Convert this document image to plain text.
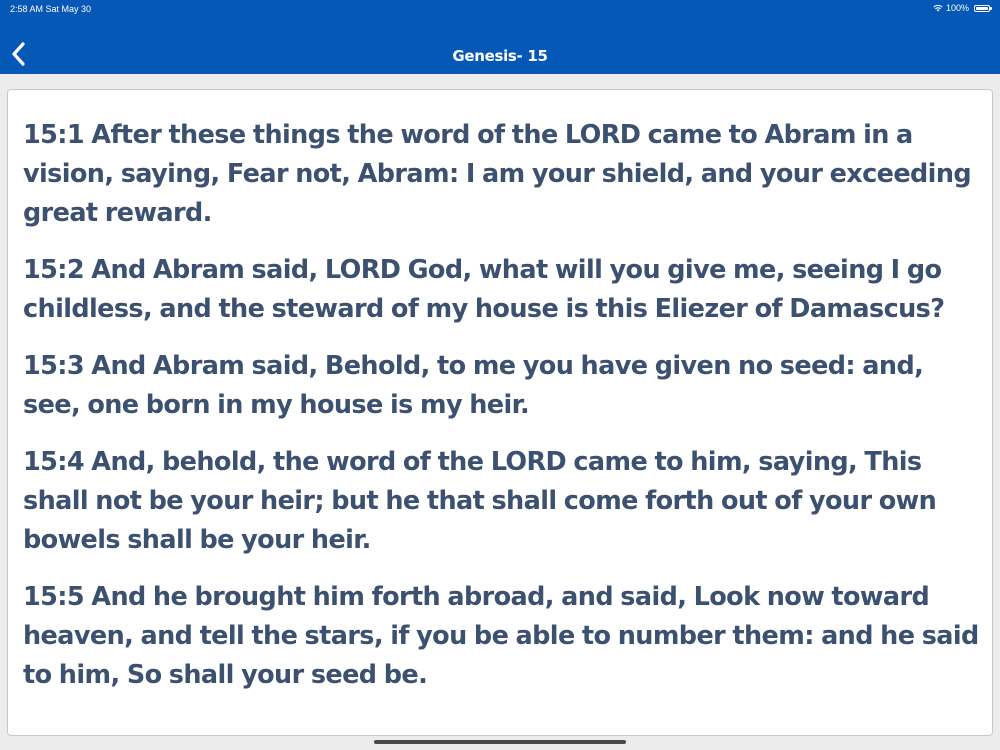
2:58 AM Sat May 30	100%
Genesis- 15

15:1 After these things the word of the LORD came to Abram in a vision, saying, Fear not, Abram: I am your shield, and your exceeding great reward.

15:2 And Abram said, LORD God, what will you give me, seeing I go childless, and the steward of my house is this Eliezer of Damascus?

15:3 And Abram said, Behold, to me you have given no seed: and, see, one born in my house is my heir.

15:4 And, behold, the word of the LORD came to him, saying, This shall not be your heir; but he that shall come forth out of your own bowels shall be your heir.

15:5 And he brought him forth abroad, and said, Look now toward heaven, and tell the stars, if you be able to number them: and he said to him, So shall your seed be.
